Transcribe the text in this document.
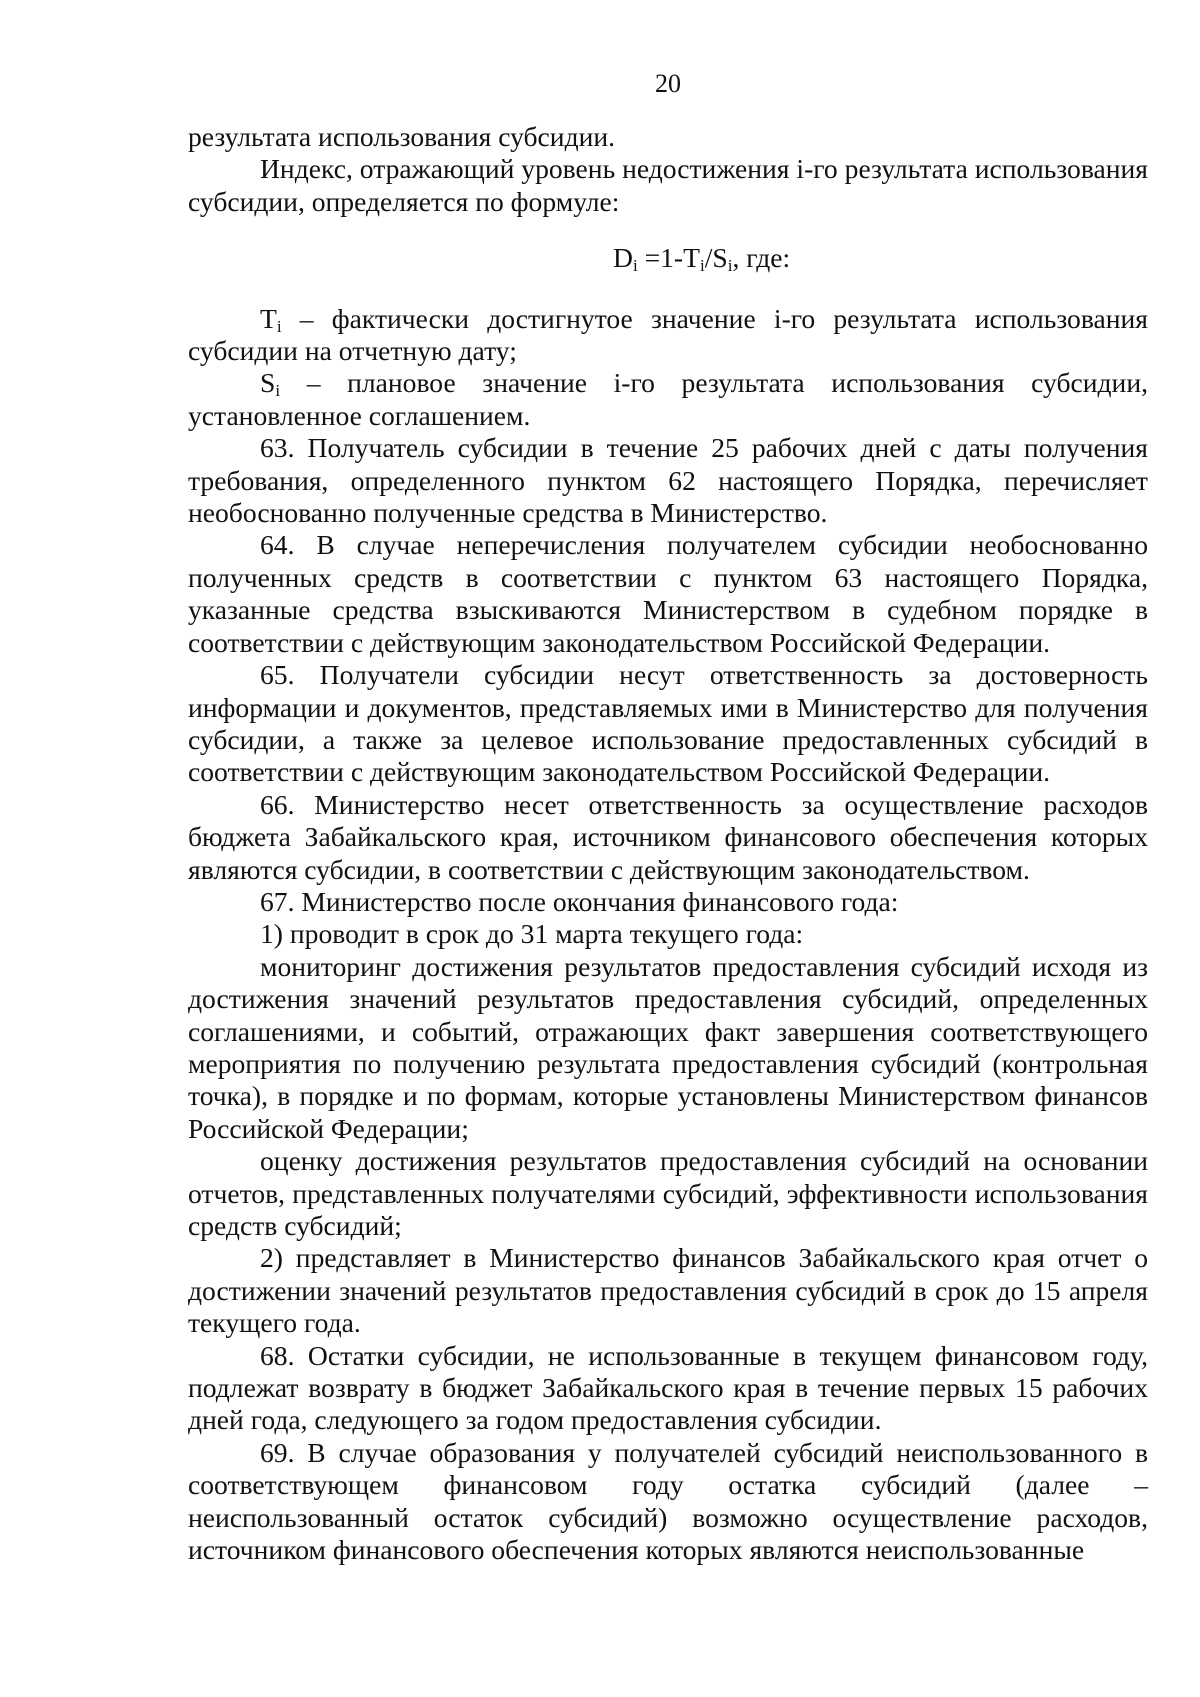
20

результата использования субсидии.

Индекс, отражающий уровень недостижения i-го результата использования субсидии, определяется по формуле:

$D_i =1-T_i/S_i$, где:

$T_i$ – фактически достигнутое значение i-го результата использования субсидии на отчетную дату;

$S_i$ – плановое значение i-го результата использования субсидии, установленное соглашением.

63. Получатель субсидии в течение 25 рабочих дней с даты получения требования, определенного пунктом 62 настоящего Порядка, перечисляет необоснованно полученные средства в Министерство.

64. В случае неперечисления получателем субсидии необоснованно полученных средств в соответствии с пунктом 63 настоящего Порядка, указанные средства взыскиваются Министерством в судебном порядке в соответствии с действующим законодательством Российской Федерации.

65. Получатели субсидии несут ответственность за достоверность информации и документов, представляемых ими в Министерство для получения субсидии, а также за целевое использование предоставленных субсидий в соответствии с действующим законодательством Российской Федерации.

66. Министерство несет ответственность за осуществление расходов бюджета Забайкальского края, источником финансового обеспечения которых являются субсидии, в соответствии с действующим законодательством.

67. Министерство после окончания финансового года:

1) проводит в срок до 31 марта текущего года:

мониторинг достижения результатов предоставления субсидий исходя из достижения значений результатов предоставления субсидий, определенных соглашениями, и событий, отражающих факт завершения соответствующего мероприятия по получению результата предоставления субсидий (контрольная точка), в порядке и по формам, которые установлены Министерством финансов Российской Федерации;

оценку достижения результатов предоставления субсидий на основании отчетов, представленных получателями субсидий, эффективности использования средств субсидий;

2) представляет в Министерство финансов Забайкальского края отчет о достижении значений результатов предоставления субсидий в срок до 15 апреля текущего года.

68. Остатки субсидии, не использованные в текущем финансовом году, подлежат возврату в бюджет Забайкальского края в течение первых 15 рабочих дней года, следующего за годом предоставления субсидии.

69. В случае образования у получателей субсидий неиспользованного в соответствующем финансовом году остатка субсидий (далее – неиспользованный остаток субсидий) возможно осуществление расходов, источником финансового обеспечения которых являются неиспользованные
